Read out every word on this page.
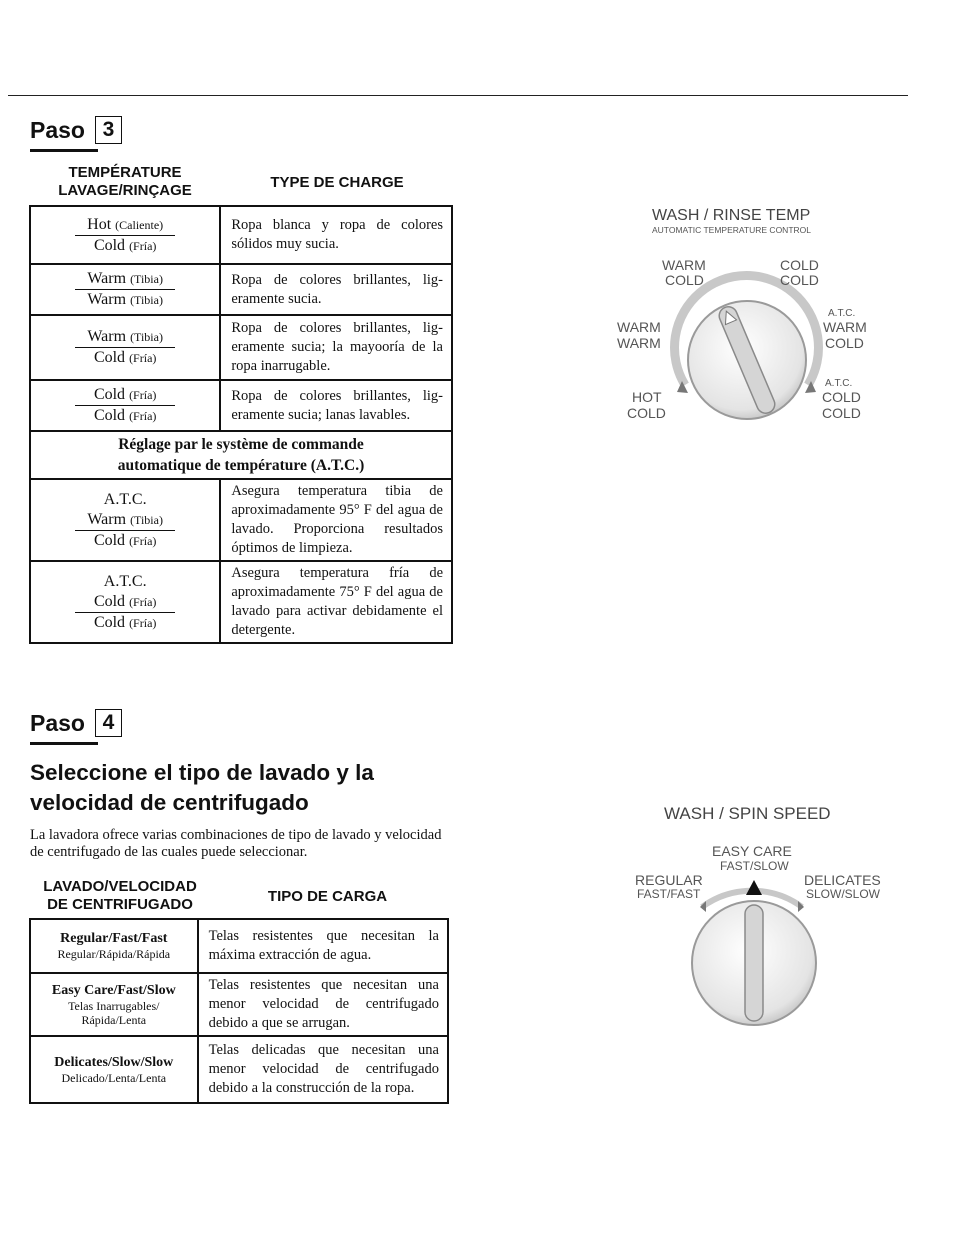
Paso 3
TEMPÉRATURE
LAVAGE/RINÇAGE	TYPE DE CHARGE
Hot (Caliente)
Cold (Fría)	Ropa blanca y ropa de colores sólidos muy sucia.

Warm (Tibia)
Warm (Tibia)	Ropa de colores brillantes, lig-eramente sucia.

Warm (Tibia)
Cold (Fría)	Ropa de colores brillantes, lig-eramente sucia; la mayooría de la ropa inarrugable.

Cold (Fría)
Cold (Fría)	Ropa de colores brillantes, lig-eramente sucia; lanas lavables.

Réglage par le système de commande
automatique de température (A.T.C.)	

A.T.C.
Warm (Tibia)
Cold (Fría)	Asegura temperatura tibia de aproximadamente 95° F del agua de lavado. Proporciona resultados óptimos de limpieza.

A.T.C.
Cold (Fría)
Cold (Fría)	Asegura temperatura fría de aproximadamente 75° F del agua de lavado para activar debidamente el detergente.
WASH / RINSE TEMP
AUTOMATIC TEMPERATURE CONTROL
WARM
COLD
COLD
COLD
WARM
WARM
A.T.C.
WARM
COLD
HOT
COLD
A.T.C.
COLD
COLD
Paso 4
Seleccione el tipo de lavado y la
velocidad de centrifugado

La lavadora ofrece varias combinaciones de tipo de lavado y velocidad de centrifugado de las cuales puede seleccionar.

LAVADO/VELOCIDAD
DE CENTRIFUGADO	TIPO DE CARGA
Regular/Fast/Fast
Regular/Rápida/Rápida	Telas resistentes que necesitan la máxima extracción de agua.

Easy Care/Fast/Slow
Telas Inarrugables/ Rápida/Lenta	Telas resistentes que necesitan una menor velocidad de centrifugado debido a que se arrugan.

Delicates/Slow/Slow
Delicado/Lenta/Lenta	Telas delicadas que necesitan una menor velocidad de centrifugado debido a la construcción de la ropa.
WASH / SPIN SPEED
EASY CARE
FAST/SLOW
REGULAR
FAST/FAST
DELICATES
SLOW/SLOW
